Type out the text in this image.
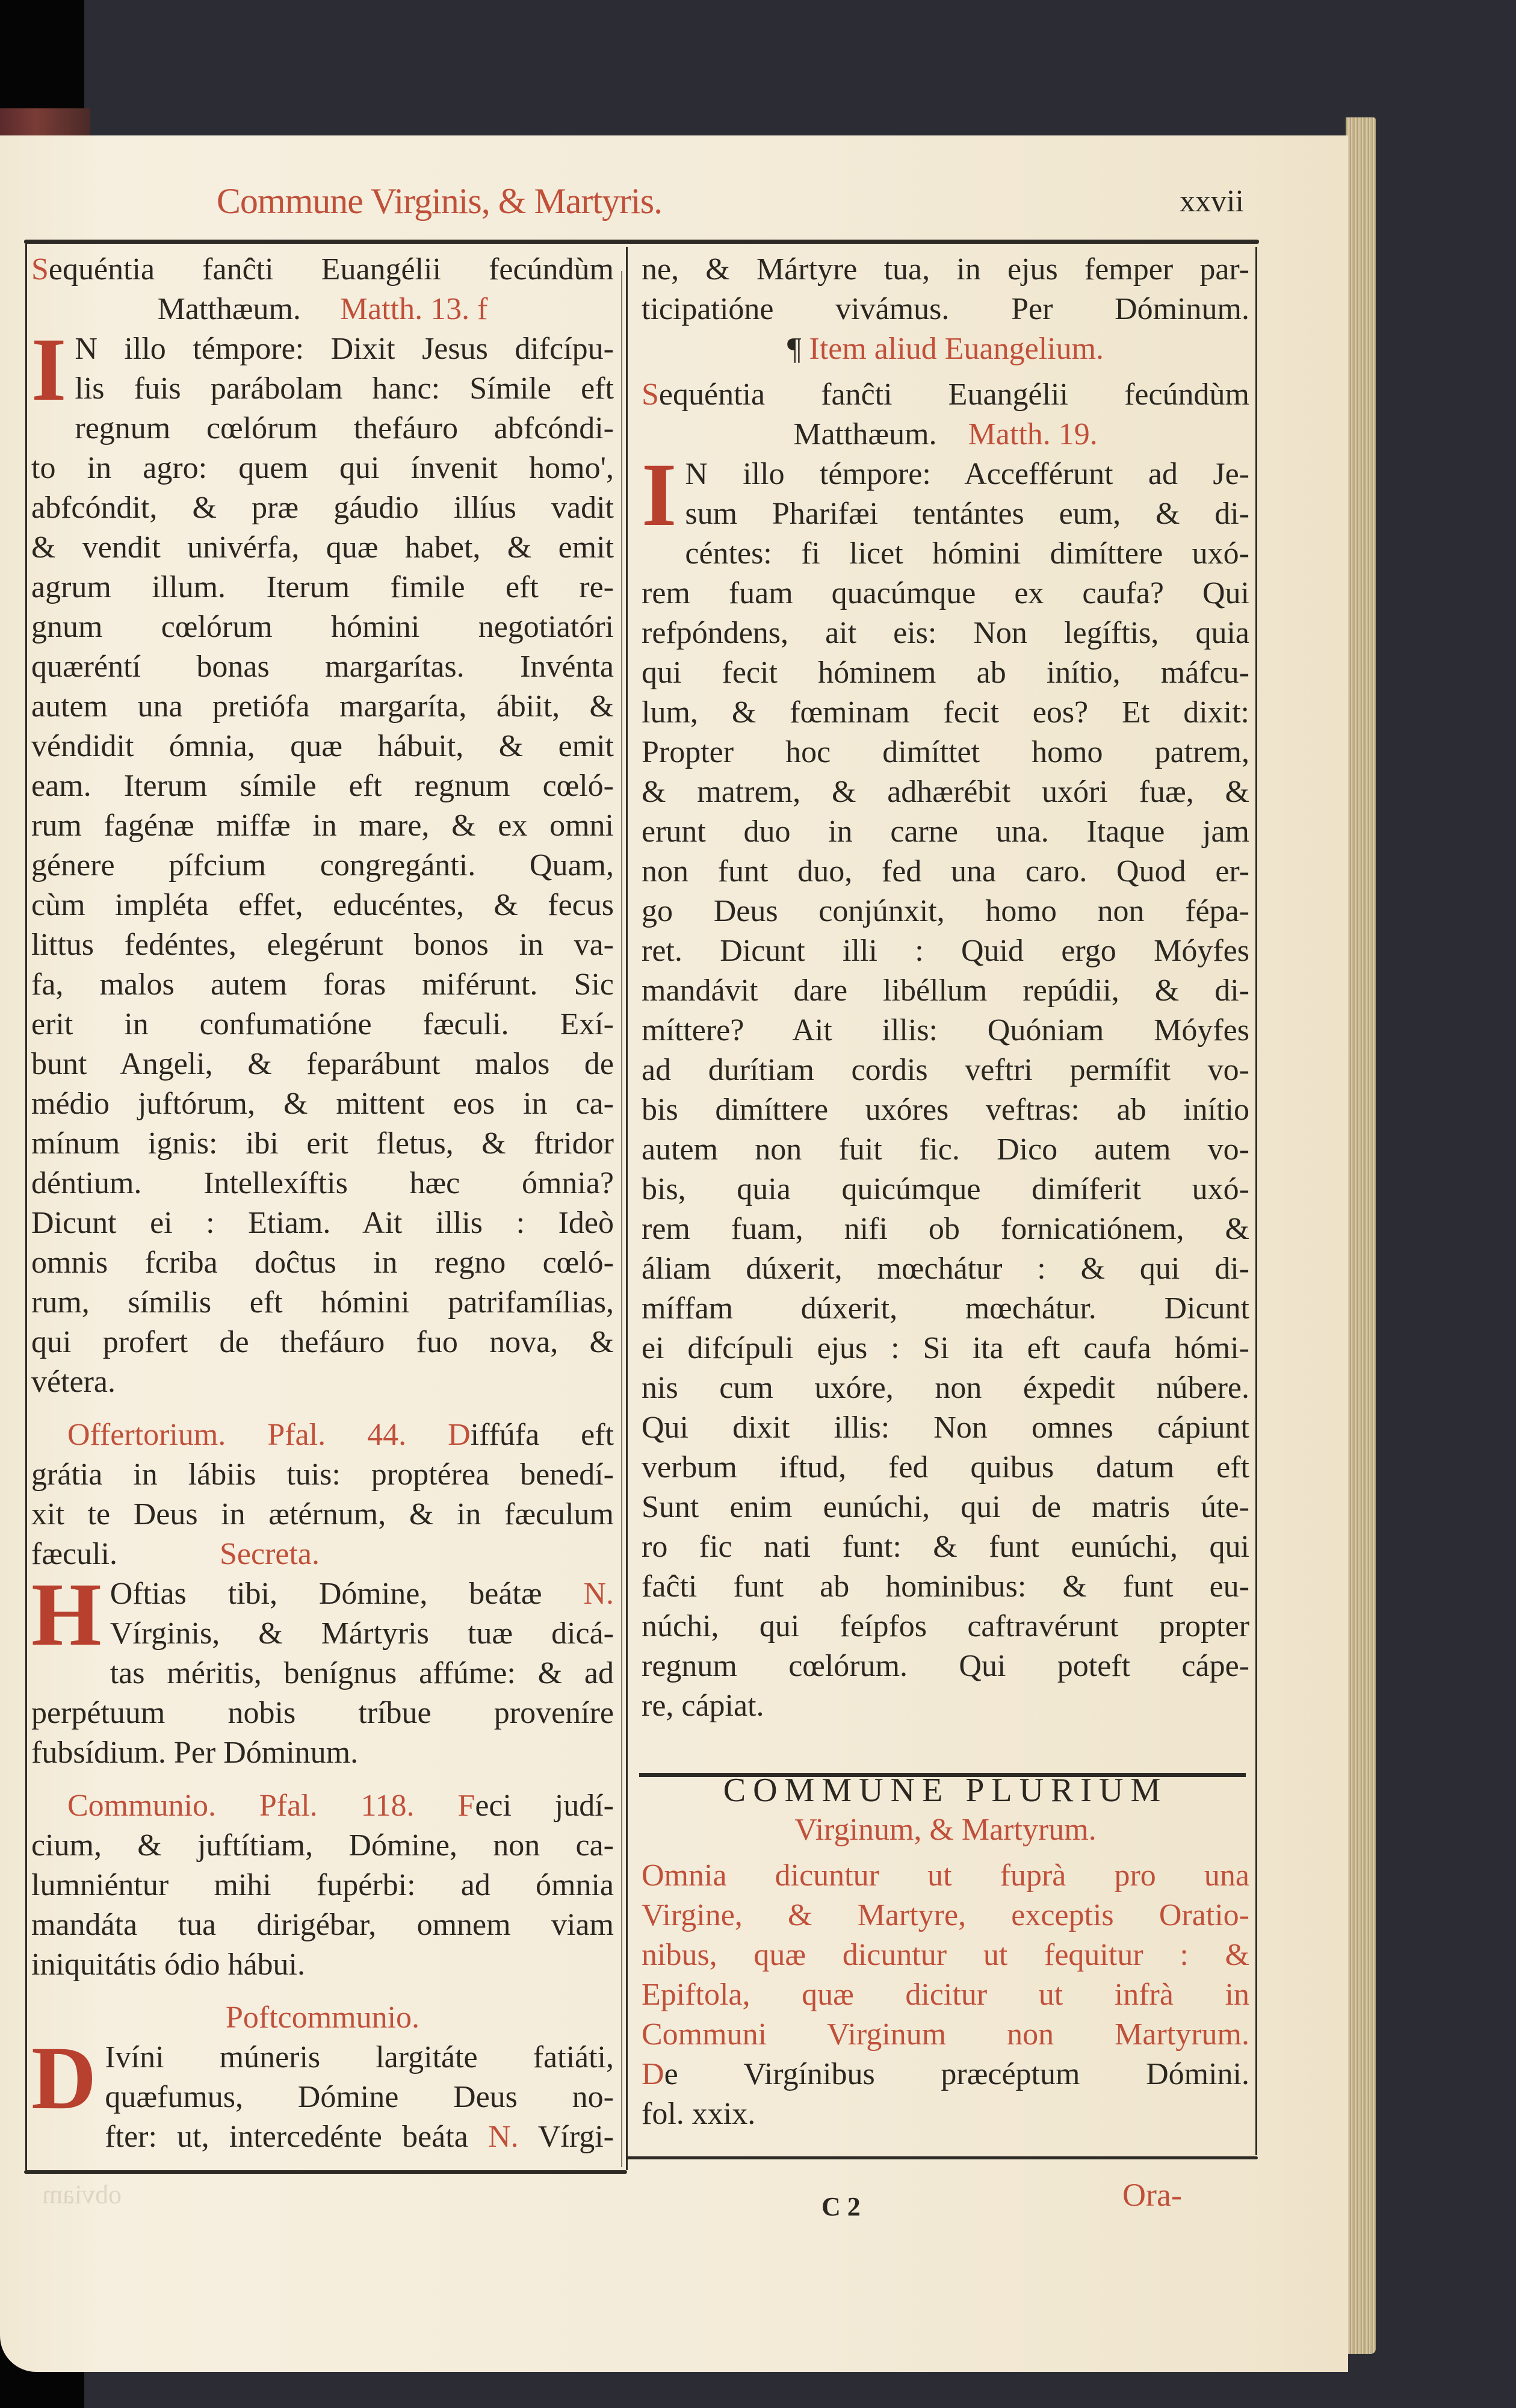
Commune Virginis, & Martyris.	xxvii
Sequéntia fanĉti Euangélii fecúndùm
Matthæum. Matth. 13. f
I N illo témpore: Dixit Jesus difcípu-
lis fuis parábolam hanc: Símile eft
regnum cœlórum thefáuro abfcóndi-
to in agro: quem qui ínvenit homo',
abfcóndit, & præ gáudio illíus vadit
& vendit univérfa, quæ habet, & emit
agrum illum. Iterum fimile eft re-
gnum cœlórum hómini negotiatóri
quæréntí bonas margarítas. Invénta
autem una pretiófa margaríta, ábiit, &
véndidit ómnia, quæ hábuit, & emit
eam. Iterum símile eft regnum cœló-
rum fagénæ miffæ in mare, & ex omni
génere pífcium congregánti. Quam,
cùm impléta effet, educéntes, & fecus
littus fedéntes, elegérunt bonos in va-
fa, malos autem foras miférunt. Sic
erit in confumatióne fæculi. Exí-
bunt Angeli, & feparábunt malos de
médio juftórum, & mittent eos in ca-
mínum ignis: ibi erit fletus, & ftridor
déntium. Intellexíftis hæc ómnia?
Dicunt ei : Etiam. Ait illis : Ideò
omnis fcriba doĉtus in regno cœló-
rum, símilis eft hómini patrifamílias,
qui profert de thefáuro fuo nova, &
vétera.
Offertorium. Pfal. 44. Diffúfa eft
grátia in lábiis tuis: proptérea benedí-
xit te Deus in ætérnum, & in fæculum
fæculi.	Secreta.
H Oftias tibi, Dómine, beátæ N.
Vírginis, & Mártyris tuæ dicá-
tas méritis, benígnus affúme: & ad
perpétuum nobis tríbue proveníre
fubsídium. Per Dóminum.
Communio. Pfal. 118. Feci judí-
cium, & juftítiam, Dómine, non ca-
lumniéntur mihi fupérbi: ad ómnia
mandáta tua dirigébar, omnem viam
iniquitátis ódio hábui.
Poftcommunio.
D Ivíni múneris largitáte fatiáti,
quæfumus, Dómine Deus no-
fter: ut, intercedénte beáta N. Vírgi-
ne, & Mártyre tua, in ejus femper par-
ticipatióne vivámus. Per Dóminum.
¶ Item aliud Euangelium.
Sequéntia fanĉti Euangélii fecúndùm
Matthæum. Matth. 19.
I N illo témpore: Accefférunt ad Je-
sum Pharifæi tentántes eum, & di-
céntes: fi licet hómini dimíttere uxó-
rem fuam quacúmque ex caufa? Qui
refpóndens, ait eis: Non legíftis, quia
qui fecit hóminem ab inítio, máfcu-
lum, & fœminam fecit eos? Et dixit:
Propter hoc dimíttet homo patrem,
& matrem, & adhærébit uxóri fuæ, &
erunt duo in carne una. Itaque jam
non funt duo, fed una caro. Quod er-
go Deus conjúnxit, homo non fépa-
ret. Dicunt illi : Quid ergo Móyfes
mandávit dare libéllum repúdii, & di-
míttere? Ait illis: Quóniam Móyfes
ad durítiam cordis veftri permífit vo-
bis dimíttere uxóres veftras: ab inítio
autem non fuit fic. Dico autem vo-
bis, quia quicúmque dimíferit uxó-
rem fuam, nifi ob fornicatiónem, &
áliam dúxerit, mœchátur : & qui di-
míffam dúxerit, mœchátur. Dicunt
ei difcípuli ejus : Si ita eft caufa hómi-
nis cum uxóre, non éxpedit núbere.
Qui dixit illis: Non omnes cápiunt
verbum iftud, fed quibus datum eft
Sunt enim eunúchi, qui de matris úte-
ro fic nati funt: & funt eunúchi, qui
faĉti funt ab hominibus: & funt eu-
núchi, qui feípfos caftravérunt propter
regnum cœlórum. Qui poteft cápe-
re, cápiat.
COMMUNE PLURIUM
Virginum, & Martyrum.
Omnia dicuntur ut fuprà pro una
Virgine, & Martyre, exceptis Oratio-
nibus, quæ dicuntur ut fequitur : &
Epiftola, quæ dicitur ut infrà in
Communi Virginum non Martyrum.
De Virgínibus præcéptum Dómini.
fol. xxix.
C 2	Ora-
obviam
